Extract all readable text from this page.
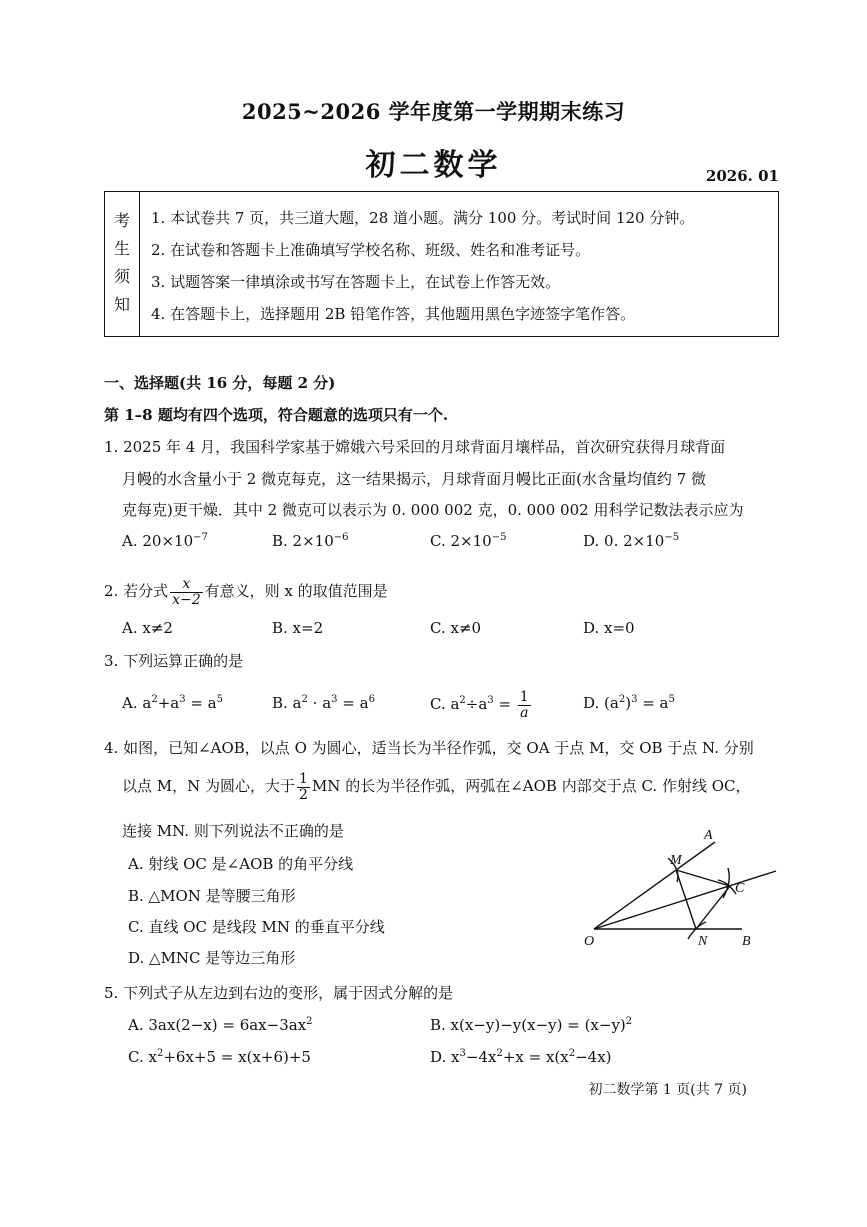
2025~2026 学年度第一学期期末练习
初二数学	2026. 01
考
生
须
知
1. 本试卷共 7 页，共三道大题，28 道小题。满分 100 分。考试时间 120 分钟。
2. 在试卷和答题卡上准确填写学校名称、班级、姓名和准考证号。
3. 试题答案一律填涂或书写在答题卡上，在试卷上作答无效。
4. 在答题卡上，选择题用 2B 铅笔作答，其他题用黑色字迹签字笔作答。
一、选择题(共 16 分，每题 2 分)
第 1–8 题均有四个选项，符合题意的选项只有一个.
1. 2025 年 4 月，我国科学家基于嫦娥六号采回的月球背面月壤样品，首次研究获得月球背面
月幔的水含量小于 2 微克每克，这一结果揭示，月球背面月幔比正面(水含量均值约 7 微
克每克)更干燥．其中 2 微克可以表示为 0. 000 002 克，0. 000 002 用科学记数法表示应为
A. $20\times 10^{-7}$	B. $2\times 10^{-6}$	C. $2\times 10^{-5}$	D. 0. $2\times 10^{-5}$
2. 若分式 $\frac{x}{x-2}$ 有意义，则 x 的取值范围是
A. x≠2	B. x=2	C. x≠0	D. x=0
3. 下列运算正确的是
A. $a^2+a^3 = a^5$	B. $a^2 \cdot a^3 = a^6$	C. $a^2\div a^3 = \frac{1}{a}$	D. $(a^2)^3 = a^5$
4. 如图，已知∠AOB，以点 O 为圆心，适当长为半径作弧，交 OA 于点 M，交 OB 于点 N. 分别
以点 M，N 为圆心，大于 $\frac{1}{2}$ MN 的长为半径作弧，两弧在∠AOB 内部交于点 C. 作射线 OC，
连接 MN. 则下列说法不正确的是
A. 射线 OC 是∠AOB 的角平分线
B. △MON 是等腰三角形
C. 直线 OC 是线段 MN 的垂直平分线
D. △MNC 是等边三角形
A
M
C
O	N B
5. 下列式子从左边到右边的变形，属于因式分解的是
A. $3ax(2-x) = 6ax-3ax^2$	B. $x(x-y)-y(x-y) = (x-y)^2$
C. $x^2+6x+5 = x(x+6)+5$	D. $x^3-4x^2+x = x(x^2-4x)$
初二数学第 1 页(共 7 页)
